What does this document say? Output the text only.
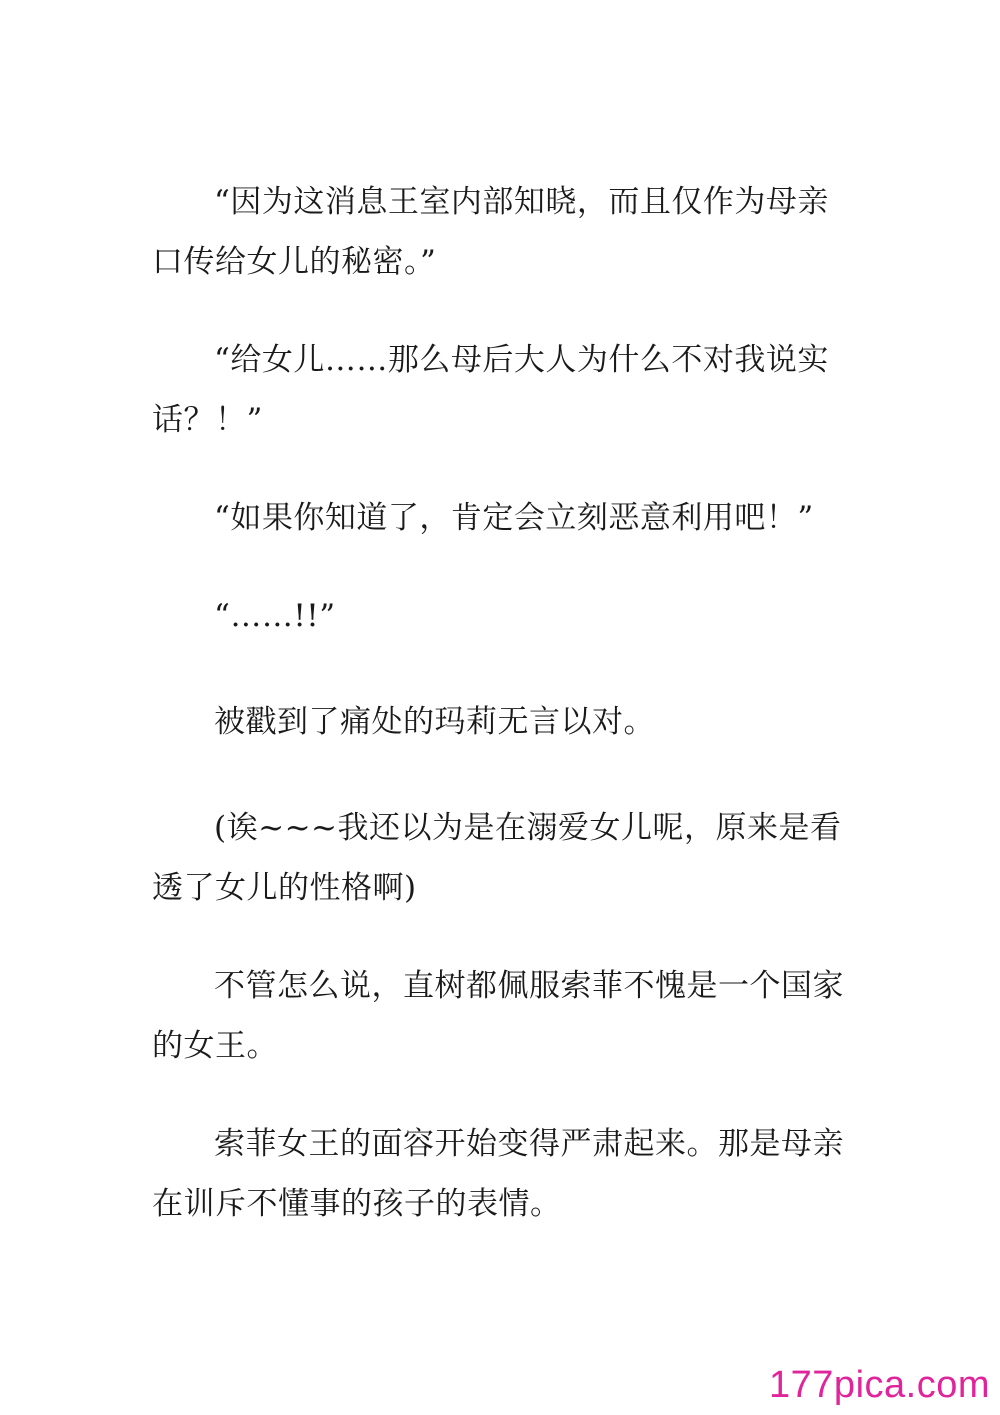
“因为这消息王室内部知晓，而且仅作为母亲口传给女儿的秘密。”

“给女儿……那么母后大人为什么不对我说实话？！”

“如果你知道了，肯定会立刻恶意利用吧！”

“……!!”

被戳到了痛处的玛莉无言以对。

(诶~~~我还以为是在溺爱女儿呢，原来是看透了女儿的性格啊)

不管怎么说，直树都佩服索菲不愧是一个国家的女王。

索菲女王的面容开始变得严肃起来。那是母亲在训斥不懂事的孩子的表情。

177pica.com
